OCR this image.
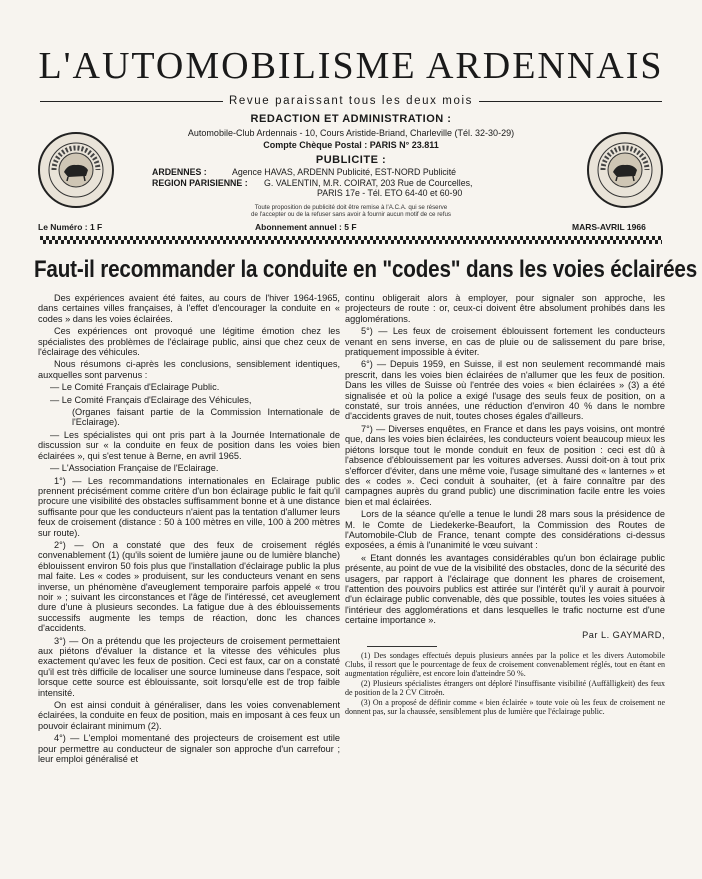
L'AUTOMOBILISME ARDENNAIS
Revue paraissant tous les deux mois
REDACTION ET ADMINISTRATION :
Automobile-Club Ardennais - 10, Cours Aristide-Briand, Charleville (Tél. 32-30-29)
Compte Chèque Postal : PARIS N° 23.811
PUBLICITE :
ARDENNES :	Agence HAVAS, ARDENN Publicité, EST-NORD Publicité
REGION PARISIENNE :	G. VALENTIN, M.R. COIRAT, 203 Rue de Courcelles,
PARIS 17e - Tél. ETO 64-40 et 60-90
Toute proposition de publicité doit être remise à l'A.C.A. qui se réserve
de l'accepter ou de la refuser sans avoir à fournir aucun motif de ce refus
Le Numéro : 1 F	Abonnement annuel : 5 F	MARS-AVRIL 1966
Faut-il recommander la conduite en "codes" dans les voies éclairées

Des expériences avaient été faites, au cours de l'hiver 1964-1965, dans certaines villes françaises, à l'effet d'encourager la conduite en « codes » dans les voies éclairées.

Ces expériences ont provoqué une légitime émotion chez les spécialistes des problèmes de l'éclairage public, ainsi que chez ceux de l'éclairage des véhicules.

Nous résumons ci-après les conclusions, sensiblement identiques, auxquelles sont parvenus :

— Le Comité Français d'Eclairage Public.

— Le Comité Français d'Eclairage des Véhicules,

(Organes faisant partie de la Commission Internationale de l'Eclairage).

— Les spécialistes qui ont pris part à la Journée Internationale de discussion sur « la conduite en feux de position dans les voies bien éclairées », qui s'est tenue à Berne, en avril 1965.

— L'Association Française de l'Eclairage.

1°) — Les recommandations internationales en Eclairage public prennent précisément comme critère d'un bon éclairage public le fait qu'il procure une visibilité des obstacles suffisamment bonne et à une distance suffisante pour que les conducteurs n'aient pas la tentation d'allumer leurs feux de croisement (distance : 50 à 100 mètres en ville, 100 à 200 mètres sur route).

2°) — On a constaté que des feux de croisement réglés convenablement (1) (qu'ils soient de lumière jaune ou de lumière blanche) éblouissent environ 50 fois plus que l'installation d'éclairage public la plus mal faite. Les « codes » produisent, sur les conducteurs venant en sens inverse, un phénomène d'aveuglement temporaire parfois appelé « trou noir » ; suivant les circonstances et l'âge de l'intéressé, cet aveuglement dure d'une à plusieurs secondes. La fatigue due à des éblouissements successifs augmente les temps de réaction, donc les chances d'accidents.

3°) — On a prétendu que les projecteurs de croisement permettaient aux piétons d'évaluer la distance et la vitesse des véhicules plus exactement qu'avec les feux de position. Ceci est faux, car on a constaté qu'il est très difficile de localiser une source lumineuse dans l'espace, soit lorsque cette source est éblouissante, soit lorsqu'elle est de trop faible intensité.

On est ainsi conduit à généraliser, dans les voies convenablement éclairées, la conduite en feux de position, mais en imposant à ces feux un pouvoir éclairant minimum (2).

4°) — L'emploi momentané des projecteurs de croisement est utile pour permettre au conducteur de signaler son approche d'un carrefour ; leur emploi généralisé et

continu obligerait alors à employer, pour signaler son approche, les projecteurs de route : or, ceux-ci doivent être absolument prohibés dans les agglomérations.

5°) — Les feux de croisement éblouissent fortement les conducteurs venant en sens inverse, en cas de pluie ou de salissement du pare brise, pratiquement impossible à éviter.

6°) — Depuis 1959, en Suisse, il est non seulement recommandé mais prescrit, dans les voies bien éclairées de n'allumer que les feux de position. Dans les villes de Suisse où l'entrée des voies « bien éclairées » (3) a été signalisée et où la police a exigé l'usage des seuls feux de position, on a constaté, sur trois années, une réduction d'environ 40 % dans le nombre d'accidents graves de nuit, toutes choses égales d'ailleurs.

7°) — Diverses enquêtes, en France et dans les pays voisins, ont montré que, dans les voies bien éclairées, les conducteurs voient beaucoup mieux les piétons lorsque tout le monde conduit en feux de position : ceci est dû à l'absence d'éblouissement par les voitures adverses. Aussi doit-on à tout prix s'efforcer d'éviter, dans une même voie, l'usage simultané des « lanternes » et des « codes ». Ceci conduit à souhaiter, (et à faire connaître par des campagnes auprès du grand public) une discrimination facile entre les voies bien et mal éclairées.

Lors de la séance qu'elle a tenue le lundi 28 mars sous la présidence de M. le Comte de Liedekerke-Beaufort, la Commission des Routes de l'Automobile-Club de France, tenant compte des considérations ci-dessus exposées, a émis à l'unanimité le vœu suivant :

« Etant donnés les avantages considérables qu'un bon éclairage public présente, au point de vue de la visibilité des obstacles, donc de la sécurité des usagers, par rapport à l'éclairage que donnent les phares de croisement, l'attention des pouvoirs publics est attirée sur l'intérêt qu'il y aurait à pourvoir d'un éclairage public convenable, dès que possible, toutes les voies situées à l'intérieur des agglomérations et dans lesquelles le trafic nocturne est d'une certaine importance ».

Par L. GAYMARD,

(1) Des sondages effectués depuis plusieurs années par la police et les divers Automobile Clubs, il ressort que le pourcentage de feux de croisement convenablement réglés, tout en étant en augmentation régulière, est encore loin d'atteindre 50 %.

(2) Plusieurs spécialistes étrangers ont déploré l'insuffisante visibilité (Auffälligkeit) des feux de position de la 2 CV Citroën.

(3) On a proposé de définir comme « bien éclairée » toute voie où les feux de croisement ne donnent pas, sur la chaussée, sensiblement plus de lumière que l'éclairage public.
